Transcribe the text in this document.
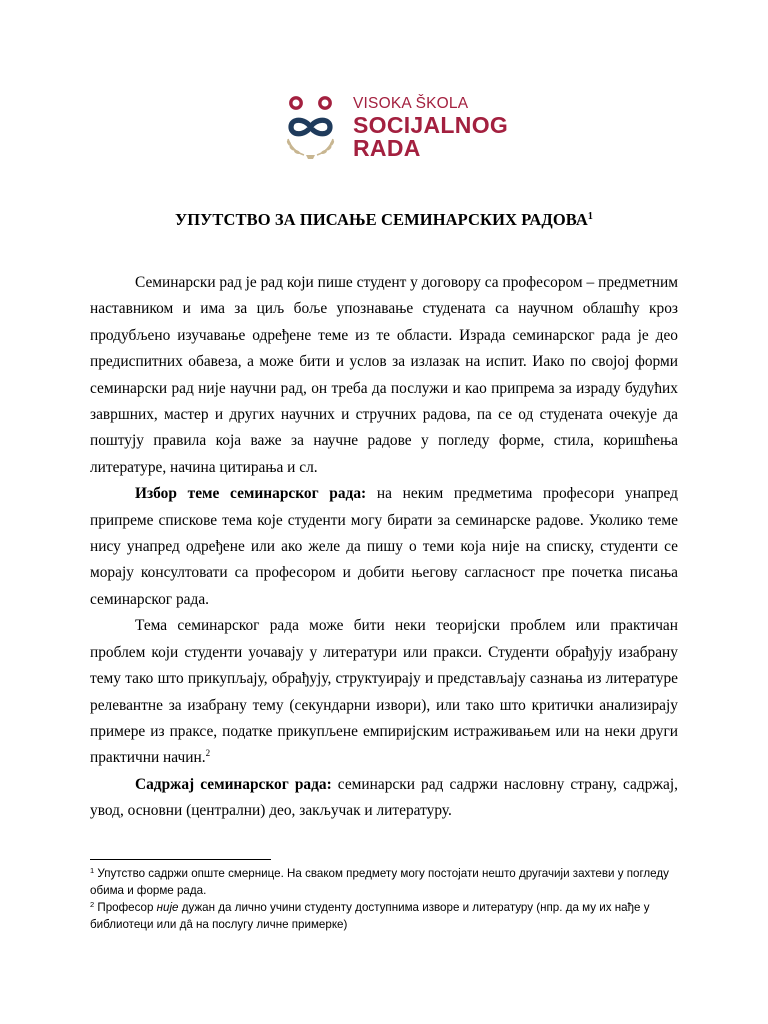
VISOKA ŠKOLA
SOCIJALNOG
RADA
УПУТСТВО ЗА ПИСАЊЕ СЕМИНАРСКИХ РАДОВА$^1$

Семинарски рад је рад који пише студент у договору са професором – предметним наставником и има за циљ боље упознавање студената са научном облашћу кроз продубљено изучавање одређене теме из те области. Израда семинарског рада је део предиспитних обавеза, а може бити и услов за излазак на испит. Иако по својој форми семинарски рад није научни рад, он треба да послужи и као припрема за израду будућих завршних, мастер и других научних и стручних радова, па се од студената очекује да поштују правила која важе за научне радове у погледу форме, стила, коришћења литературе, начина цитирања и сл.

Избор теме семинарског рада: на неким предметима професори унапред припреме спискове тема које студенти могу бирати за семинарске радове. Уколико теме нису унапред одређене или ако желе да пишу о теми која није на списку, студенти се морају консултовати са професором и добити његову сагласност пре почетка писања семинарског рада.

Тема семинарског рада може бити неки теоријски проблем или практичан проблем који студенти уочавају у литератури или пракси. Студенти обрађују изабрану тему тако што прикупљају, обрађују, структуирају и представљају сазнања из литературе релевантне за изабрану тему (секундарни извори), или тако што критички анализирају примере из праксе, податке прикупљене емпиријским истраживањем или на неки други практични начин.$^2$

Садржај семинарског рада: семинарски рад садржи насловну страну, садржај, увод, основни (централни) део, закључак и литературу.

$^1$ Упутство садржи опште смернице. На сваком предмету могу постојати нешто другачији захтеви у погледу обима и форме рада.

$^2$ Професор није дужан да лично учини студенту доступнима изворе и литературу (нпр. да му их нађе у библиотеци или дâ на послугу личне примерке)
